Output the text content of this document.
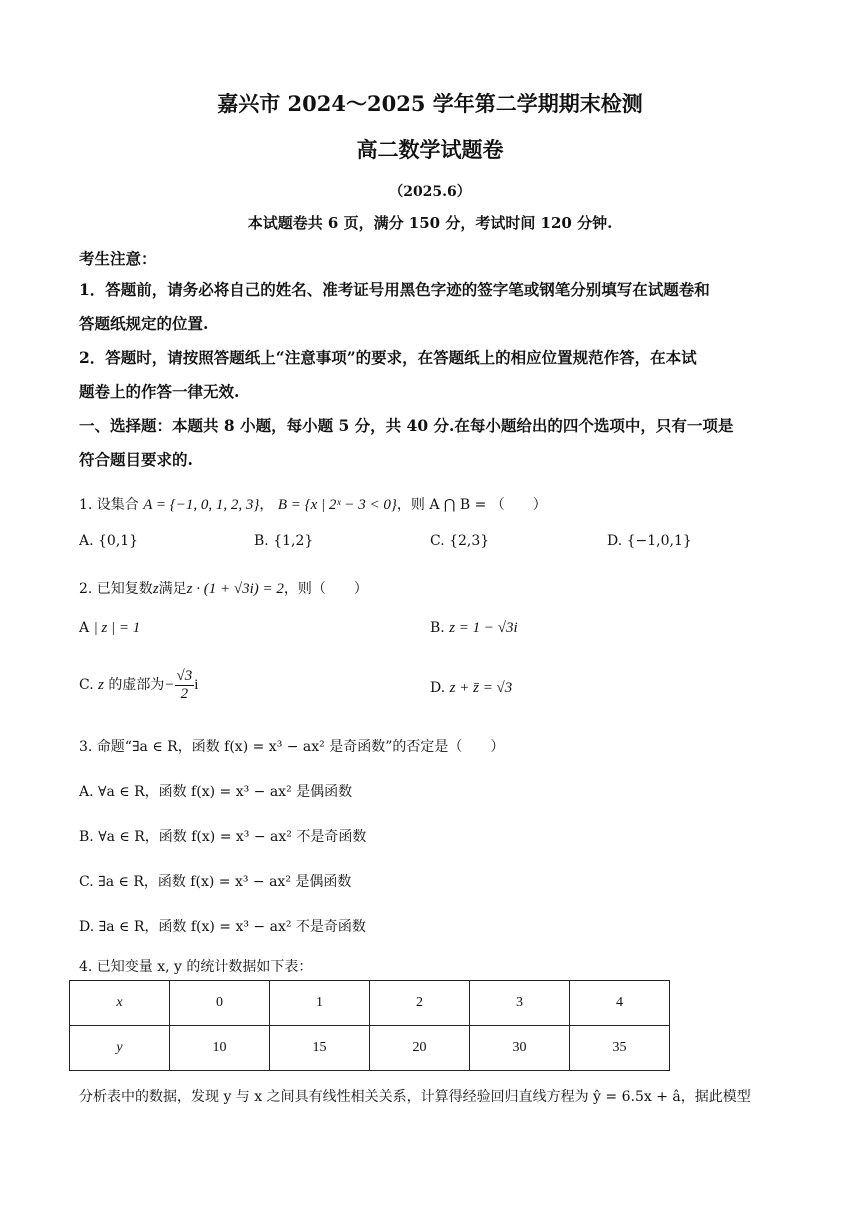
嘉兴市 2024～2025 学年第二学期期末检测
高二数学试题卷
（2025.6）
本试题卷共 6 页，满分 150 分，考试时间 120 分钟.
考生注意：
1．答题前，请务必将自己的姓名、准考证号用黑色字迹的签字笔或钢笔分别填写在试题卷和
答题纸规定的位置.
2．答题时，请按照答题纸上“注意事项”的要求，在答题纸上的相应位置规范作答，在本试
题卷上的作答一律无效.
一、选择题：本题共 8 小题，每小题 5 分，共 40 分.在每小题给出的四个选项中，只有一项是
符合题目要求的.
1. 设集合 A = {−1, 0, 1, 2, 3}， B = {x | 2ˣ − 3 < 0}，则 A ⋂ B = （　　）
A. {0,1}	B. {1,2}	C. {2,3}	D. {−1,0,1}
2. 已知复数z满足z · (1 + √3i) = 2，则（　　）
A | z | = 1	B. z = 1 − √3i
C. z 的虚部为− $\frac{√3}{2}$ i	D. z + z̄ = √3
3. 命题“∃a ∈ R，函数 f(x) = x³ − ax² 是奇函数”的否定是（　　）
A. ∀a ∈ R，函数 f(x) = x³ − ax² 是偶函数
B. ∀a ∈ R，函数 f(x) = x³ − ax² 不是奇函数
C. ∃a ∈ R，函数 f(x) = x³ − ax² 是偶函数
D. ∃a ∈ R，函数 f(x) = x³ − ax² 不是奇函数
4. 已知变量 x, y 的统计数据如下表：
x	0	1	2	3	4
y	10	15	20	30	35
分析表中的数据，发现 y 与 x 之间具有线性相关关系，计算得经验回归直线方程为 ŷ = 6.5x + â，据此模型
